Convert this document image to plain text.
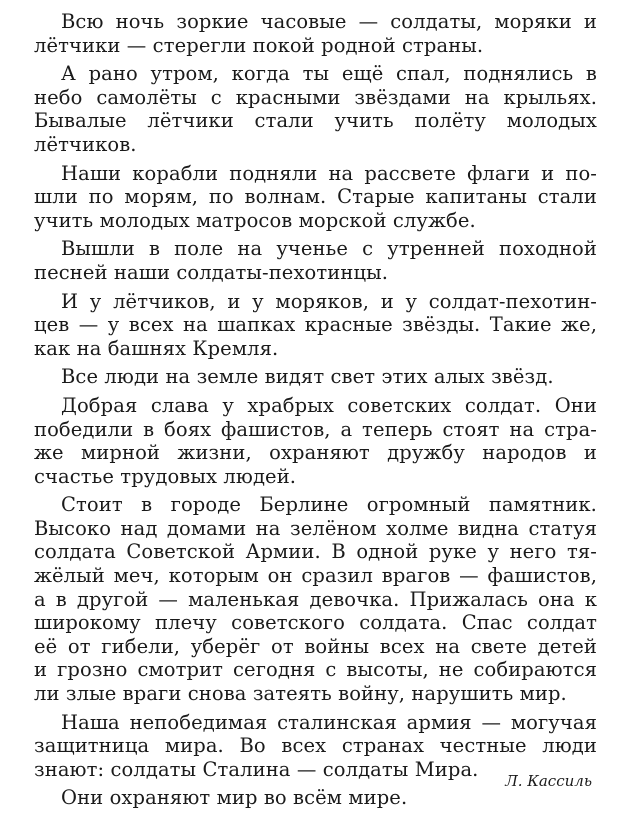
Всю ночь зоркие часовые — солдаты, моряки и
лётчики — стерегли покой родной страны.
А рано утром, когда ты ещё спал, поднялись в
небо самолёты с красными звёздами на крыльях.
Бывалые лётчики стали учить полёту молодых
лётчиков.
Наши корабли подняли на рассвете флаги и по-
шли по морям, по волнам. Старые капитаны стали
учить молодых матросов морской службе.
Вышли в поле на ученье с утренней походной
песней наши солдаты-пехотинцы.
И у лётчиков, и у моряков, и у солдат-пехотин-
цев — у всех на шапках красные звёзды. Такие же,
как на башнях Кремля.
Все люди на земле видят свет этих алых звёзд.
Добрая слава у храбрых советских солдат. Они
победили в боях фашистов, а теперь стоят на стра-
же мирной жизни, охраняют дружбу народов и
счастье трудовых людей.
Стоит в городе Берлине огромный памятник.
Высоко над домами на зелёном холме видна статуя
солдата Советской Армии. В одной руке у него тя-
жёлый меч, которым он сразил врагов — фашистов,
а в другой — маленькая девочка. Прижалась она к
широкому плечу советского солдата. Спас солдат
её от гибели, уберёг от войны всех на свете детей
и грозно смотрит сегодня с высоты, не собираются
ли злые враги снова затеять войну, нарушить мир.
Наша непобедимая сталинская армия — могучая
защитница мира. Во всех странах честные люди
знают: солдаты Сталина — солдаты Мира.
Они охраняют мир во всём мире.
Л. Кассиль
